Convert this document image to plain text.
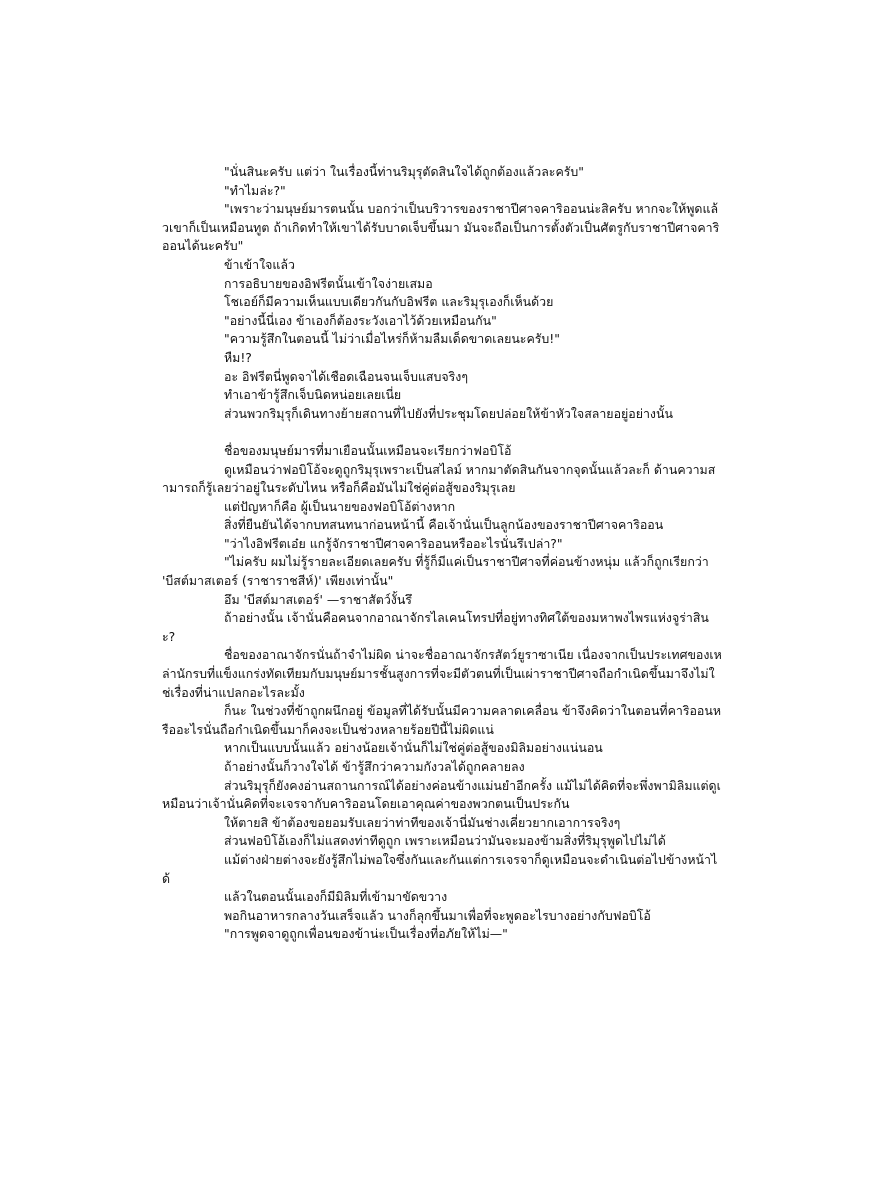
"นั่นสินะครับ แต่ว่า ในเรื่องนี้ท่านริมุรุตัดสินใจได้ถูกต้องแล้วละครับ"

"ทำไมล่ะ?"

"เพราะว่ามนุษย์มารตนนั้น บอกว่าเป็นบริวารของราชาปีศาจคาริออนน่ะสิครับ หากจะให้พูดแล้วเขาก็เป็นเหมือนทูต ถ้าเกิดทำให้เขาได้รับบาดเจ็บขึ้นมา มันจะถือเป็นการตั้งตัวเป็นศัตรูกับราชาปีศาจคาริออนได้นะครับ"

ข้าเข้าใจแล้ว

การอธิบายของอิฟรีตนั้นเข้าใจง่ายเสมอ

โชเอย์ก็มีความเห็นแบบเดียวกันกับอิฟรีต และริมุรุเองก็เห็นด้วย

"อย่างนี้นี่เอง ข้าเองก็ต้องระวังเอาไว้ด้วยเหมือนกัน"

"ความรู้สึกในตอนนี้ ไม่ว่าเมื่อไหร่ก็ห้ามลืมเด็ดขาดเลยนะครับ!"

หืม!?

อะ อิฟรีตนี่พูดจาได้เชือดเฉือนจนเจ็บแสบจริงๆ

ทำเอาข้ารู้สึกเจ็บนิดหน่อยเลยเนี่ย

ส่วนพวกริมุรุก็เดินทางย้ายสถานที่ไปยังที่ประชุมโดยปล่อยให้ข้าหัวใจสลายอยู่อย่างนั้น

ชื่อของมนุษย์มารที่มาเยือนนั้นเหมือนจะเรียกว่าฟอบิโอ้

ดูเหมือนว่าฟอบิโอ้จะดูถูกริมุรุเพราะเป็นสไลม์ หากมาตัดสินกันจากจุดนั้นแล้วละก็ ด้านความสามารถก็รู้เลยว่าอยู่ในระดับไหน หรือก็คือมันไม่ใช่คู่ต่อสู้ของริมุรุเลย

แต่ปัญหาก็คือ ผู้เป็นนายของฟอบิโอ้ต่างหาก

สิ่งที่ยืนยันได้จากบทสนทนาก่อนหน้านี้ คือเจ้านั่นเป็นลูกน้องของราชาปีศาจคาริออน

"ว่าไงอิฟรีตเอ๋ย แกรู้จักราชาปีศาจคาริออนหรืออะไรนั่นรึเปล่า?"

"ไม่ครับ ผมไม่รู้รายละเอียดเลยครับ ที่รู้ก็มีแค่เป็นราชาปีศาจที่ค่อนข้างหนุ่ม แล้วก็ถูกเรียกว่า 'บีสต์มาสเตอร์ (ราชาราชสีห์)' เพียงเท่านั้น"

อึม 'บีสต์มาสเตอร์' —ราชาสัตว์งั้นรึ

ถ้าอย่างนั้น เจ้านั่นคือคนจากอาณาจักรไลเคนโทรปที่อยู่ทางทิศใต้ของมหาพงไพรแห่งจูร่าสินะ?

ชื่อของอาณาจักรนั่นถ้าจำไม่ผิด น่าจะชื่ออาณาจักรสัตว์ยูราซาเนีย เนื่องจากเป็นประเทศของเหล่านักรบที่แข็งแกร่งทัดเทียมกับมนุษย์มารชั้นสูงการที่จะมีตัวตนที่เป็นเผ่าราชาปีศาจถือกำเนิดขึ้นมาจึงไม่ใช่เรื่องที่น่าแปลกอะไรละมั้ง

ก็นะ ในช่วงที่ข้าถูกผนึกอยู่ ข้อมูลที่ได้รับนั้นมีความคลาดเคลื่อน ข้าจึงคิดว่าในตอนที่คาริออนหรืออะไรนั่นถือกำเนิดขึ้นมาก็คงจะเป็นช่วงหลายร้อยปีนี้ไม่ผิดแน่

หากเป็นแบบนั้นแล้ว อย่างน้อยเจ้านั่นก็ไม่ใช่คู่ต่อสู้ของมิลิมอย่างแน่นอน

ถ้าอย่างนั้นก็วางใจได้ ข้ารู้สึกว่าความกังวลได้ถูกคลายลง

ส่วนริมุรุก็ยังคงอ่านสถานการณ์ได้อย่างค่อนข้างแม่นยำอีกครั้ง แม้ไม่ได้คิดที่จะพึ่งพามิลิมแต่ดูเหมือนว่าเจ้านั่นคิดที่จะเจรจากับคาริออนโดยเอาคุณค่าของพวกตนเป็นประกัน

ให้ตายสิ ข้าต้องขอยอมรับเลยว่าท่าทีของเจ้านี่มันช่างเคี่ยวยากเอาการจริงๆ

ส่วนฟอบิโอ้เองก็ไม่แสดงท่าทีดูถูก เพราะเหมือนว่ามันจะมองข้ามสิ่งที่ริมุรุพูดไปไม่ได้

แม้ต่างฝ่ายต่างจะยังรู้สึกไม่พอใจซึ่งกันและกันแต่การเจรจาก็ดูเหมือนจะดำเนินต่อไปข้างหน้าได้

แล้วในตอนนั้นเองก็มีมิลิมที่เข้ามาขัดขวาง

พอกินอาหารกลางวันเสร็จแล้ว นางก็ลุกขึ้นมาเพื่อที่จะพูดอะไรบางอย่างกับฟอบิโอ้

"การพูดจาดูถูกเพื่อนของข้าน่ะเป็นเรื่องที่อภัยให้ไม่—"
